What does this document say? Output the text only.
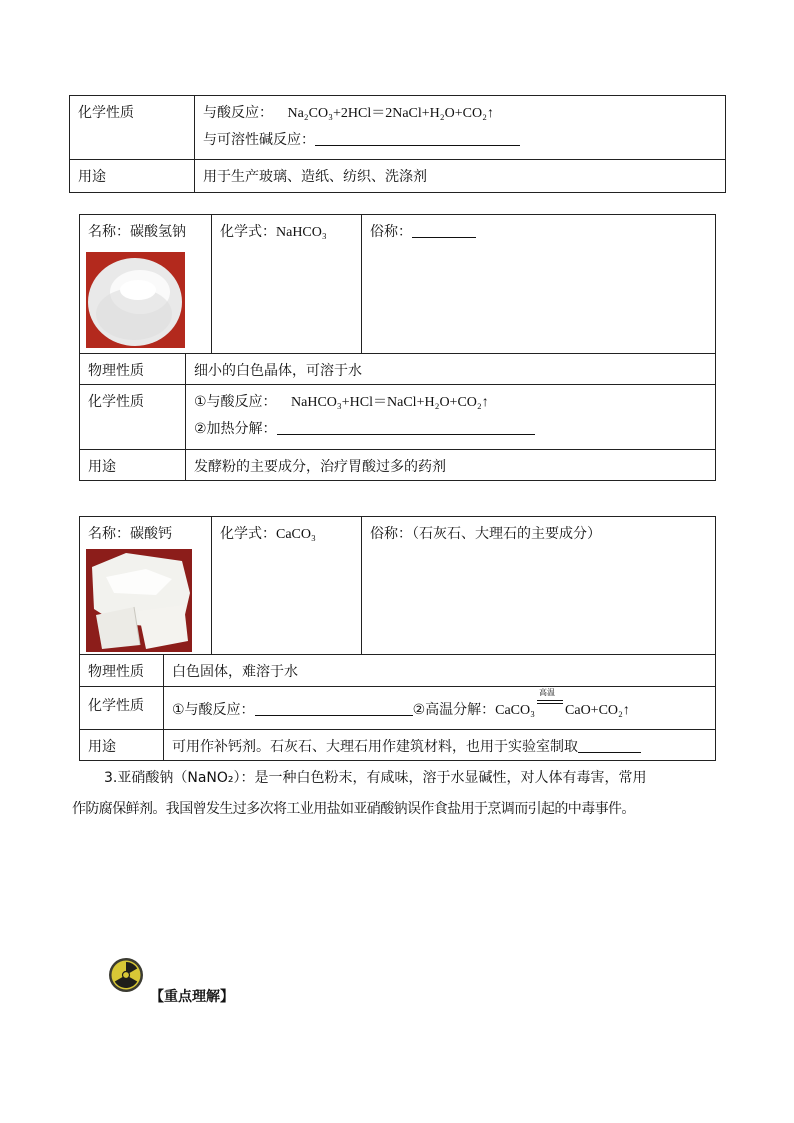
化学性质	与酸反应： Na₂CO₃+2HCl＝2NaCl+H₂O+CO₂↑
与可溶性碱反应：

用途	用于生产玻璃、造纸、纺织、洗涤剂
名称：碳酸氢钠		化学式：NaHCO₃	俗称：
物理性质	细小的白色晶体，可溶于水		
化学性质	①与酸反应： NaHCO₃+HCl＝NaCl+H₂O+CO₂↑
②加热分解：		

用途	发酵粉的主要成分，治疗胃酸过多的药剂		
名称：碳酸钙		化学式：CaCO₃	俗称：（石灰石、大理石的主要成分）
物理性质	白色固体，难溶于水		
化学性质	①与酸反应： ②高温分解：CaCO₃
高温
CaO+CO₂↑		
用途	可用作补钙剂。石灰石、大理石用作建筑材料，也用于实验室制取		
3.亚硝酸钠（NaNO₂）：是一种白色粉末，有咸味，溶于水显碱性，对人体有毒害，常用
作防腐保鲜剂。我国曾发生过多次将工业用盐如亚硝酸钠误作食盐用于烹调而引起的中毒事件。
【重点理解】
